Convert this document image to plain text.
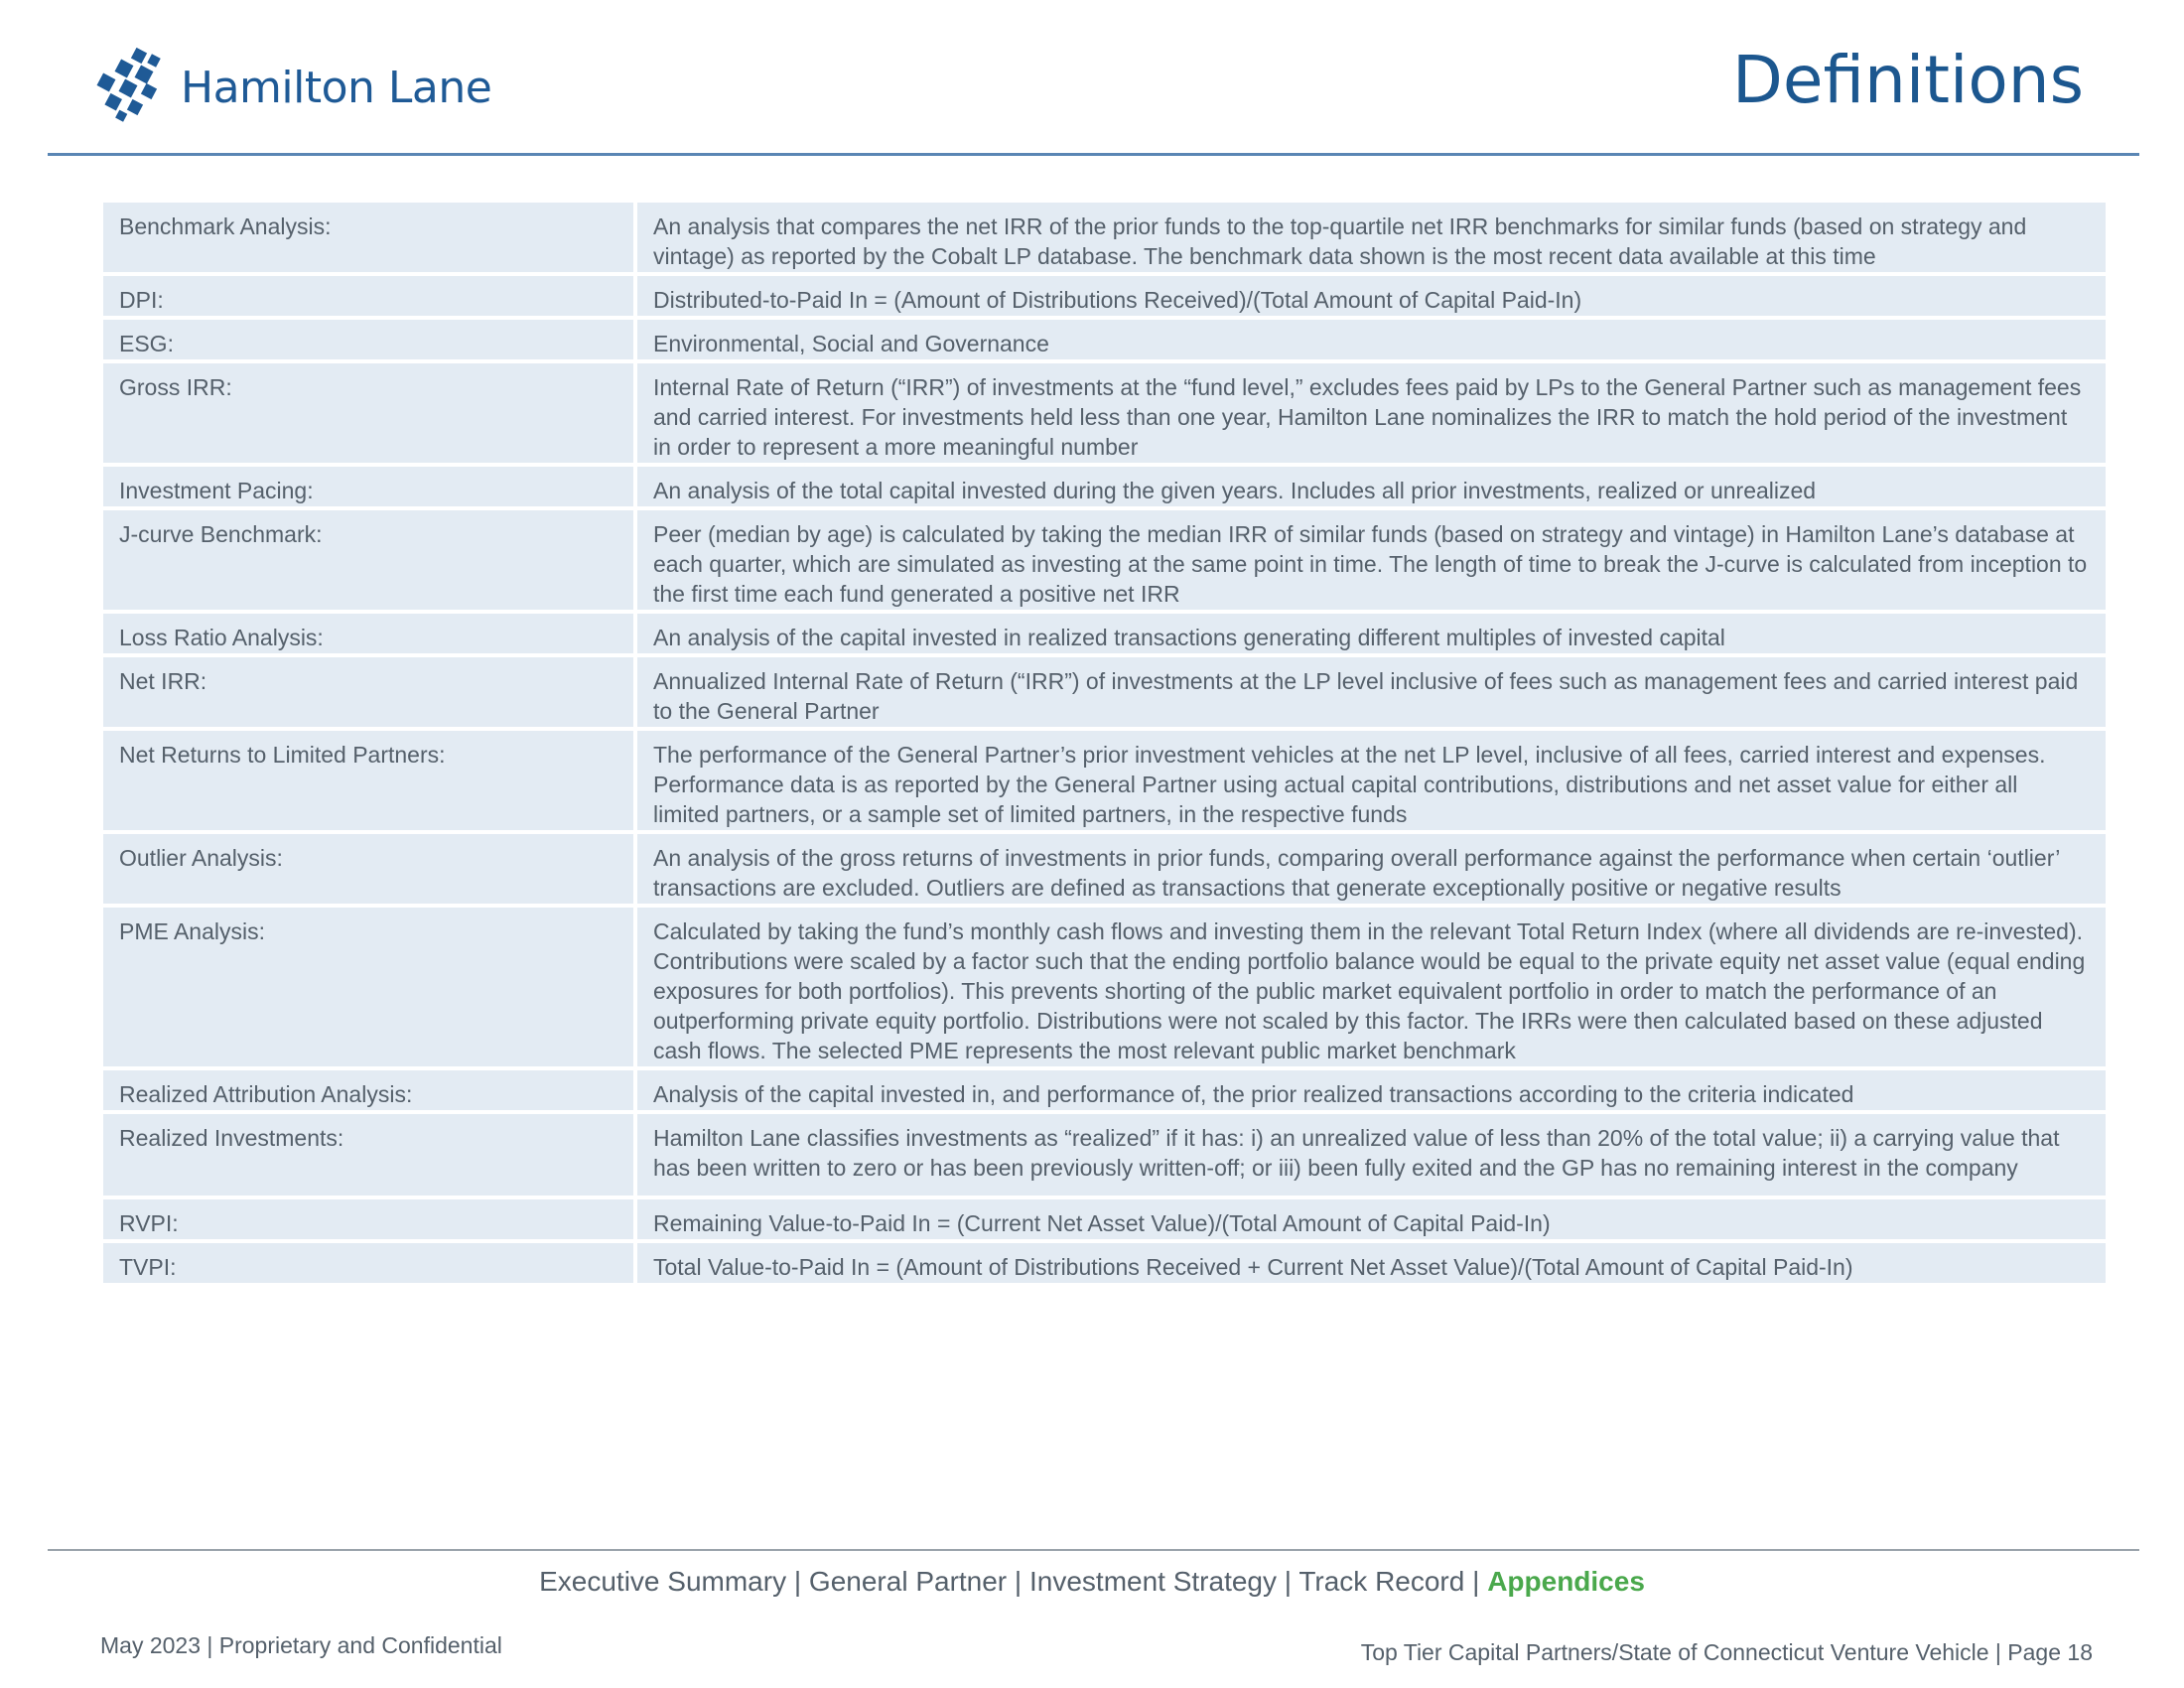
Hamilton Lane	Definitions
Benchmark Analysis:	An analysis that compares the net IRR of the prior funds to the top-quartile net IRR benchmarks for similar funds (based on strategy and vintage) as reported by the Cobalt LP database. The benchmark data shown is the most recent data available at this time
DPI:	Distributed-to-Paid In = (Amount of Distributions Received)/(Total Amount of Capital Paid-In)
ESG:	Environmental, Social and Governance
Gross IRR:	Internal Rate of Return (“IRR”) of investments at the “fund level,” excludes fees paid by LPs to the General Partner such as management fees and carried interest. For investments held less than one year, Hamilton Lane nominalizes the IRR to match the hold period of the investment in order to represent a more meaningful number
Investment Pacing:	An analysis of the total capital invested during the given years. Includes all prior investments, realized or unrealized
J-curve Benchmark:	Peer (median by age) is calculated by taking the median IRR of similar funds (based on strategy and vintage) in Hamilton Lane’s database at each quarter, which are simulated as investing at the same point in time. The length of time to break the J-curve is calculated from inception to the first time each fund generated a positive net IRR
Loss Ratio Analysis:	An analysis of the capital invested in realized transactions generating different multiples of invested capital
Net IRR:	Annualized Internal Rate of Return (“IRR”) of investments at the LP level inclusive of fees such as management fees and carried interest paid to the General Partner
Net Returns to Limited Partners:	The performance of the General Partner’s prior investment vehicles at the net LP level, inclusive of all fees, carried interest and expenses. Performance data is as reported by the General Partner using actual capital contributions, distributions and net asset value for either all limited partners, or a sample set of limited partners, in the respective funds
Outlier Analysis:	An analysis of the gross returns of investments in prior funds, comparing overall performance against the performance when certain ‘outlier’ transactions are excluded. Outliers are defined as transactions that generate exceptionally positive or negative results
PME Analysis:	Calculated by taking the fund’s monthly cash flows and investing them in the relevant Total Return Index (where all dividends are re-invested). Contributions were scaled by a factor such that the ending portfolio balance would be equal to the private equity net asset value (equal ending exposures for both portfolios). This prevents shorting of the public market equivalent portfolio in order to match the performance of an outperforming private equity portfolio. Distributions were not scaled by this factor. The IRRs were then calculated based on these adjusted cash flows. The selected PME represents the most relevant public market benchmark
Realized Attribution Analysis:	Analysis of the capital invested in, and performance of, the prior realized transactions according to the criteria indicated
Realized Investments:	Hamilton Lane classifies investments as “realized” if it has: i) an unrealized value of less than 20% of the total value; ii) a carrying value that has been written to zero or has been previously written-off; or iii) been fully exited and the GP has no remaining interest in the company
RVPI:	Remaining Value-to-Paid In = (Current Net Asset Value)/(Total Amount of Capital Paid-In)
TVPI:	Total Value-to-Paid In = (Amount of Distributions Received + Current Net Asset Value)/(Total Amount of Capital Paid-In)
Executive Summary | General Partner | Investment Strategy | Track Record | Appendices
May 2023 | Proprietary and Confidential	Top Tier Capital Partners/State of Connecticut Venture Vehicle | Page 18
